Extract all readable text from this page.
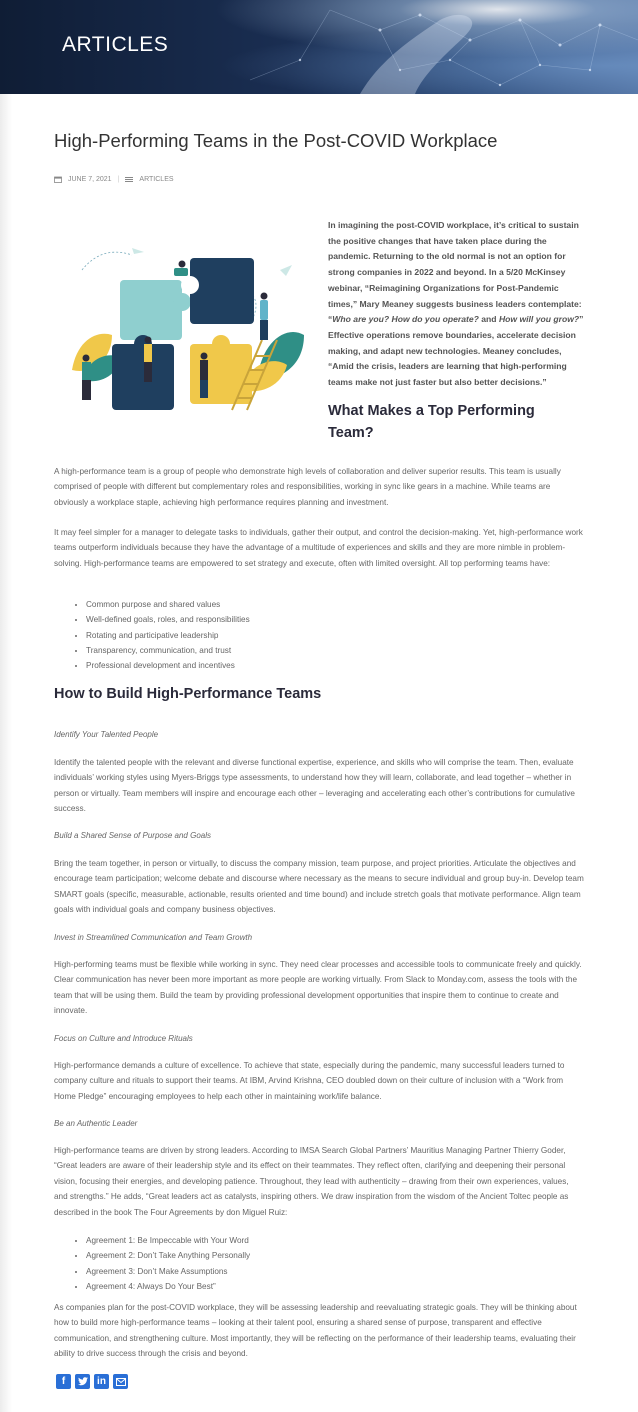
ARTICLES
High-Performing Teams in the Post-COVID Workplace
JUNE 7, 2021 |	ARTICLES

In imagining the post-COVID workplace, it’s critical to sustain the positive changes that have taken place during the pandemic. Returning to the old normal is not an option for strong companies in 2022 and beyond. In a 5/20 McKinsey webinar, “Reimagining Organizations for Post-Pandemic times,” Mary Meaney suggests business leaders contemplate: “Who are you? How do you operate? and How will you grow?” Effective operations remove boundaries, accelerate decision making, and adapt new technologies. Meaney concludes, “Amid the crisis, leaders are learning that high-performing teams make not just faster but also better decisions.”

What Makes a Top Performing Team?

A high-performance team is a group of people who demonstrate high levels of collaboration and deliver superior results. This team is usually comprised of people with different but complementary roles and responsibilities, working in sync like gears in a machine. While teams are obviously a workplace staple, achieving high performance requires planning and investment.

It may feel simpler for a manager to delegate tasks to individuals, gather their output, and control the decision-making. Yet, high-performance work teams outperform individuals because they have the advantage of a multitude of experiences and skills and they are more nimble in problem-solving. High-performance teams are empowered to set strategy and execute, often with limited oversight. All top performing teams have:

• Common purpose and shared values
• Well-defined goals, roles, and responsibilities
• Rotating and participative leadership
• Transparency, communication, and trust
• Professional development and incentives
How to Build High-Performance Teams

Identify Your Talented People

Identify the talented people with the relevant and diverse functional expertise, experience, and skills who will comprise the team. Then, evaluate individuals’ working styles using Myers-Briggs type assessments, to understand how they will learn, collaborate, and lead together – whether in person or virtually. Team members will inspire and encourage each other – leveraging and accelerating each other’s contributions for cumulative success.

Build a Shared Sense of Purpose and Goals

Bring the team together, in person or virtually, to discuss the company mission, team purpose, and project priorities. Articulate the objectives and encourage team participation; welcome debate and discourse where necessary as the means to secure individual and group buy-in. Develop team SMART goals (specific, measurable, actionable, results oriented and time bound) and include stretch goals that motivate performance. Align team goals with individual goals and company business objectives.

Invest in Streamlined Communication and Team Growth

High-performing teams must be flexible while working in sync. They need clear processes and accessible tools to communicate freely and quickly. Clear communication has never been more important as more people are working virtually. From Slack to Monday.com, assess the tools with the team that will be using them. Build the team by providing professional development opportunities that inspire them to continue to create and innovate.

Focus on Culture and Introduce Rituals

High-performance demands a culture of excellence. To achieve that state, especially during the pandemic, many successful leaders turned to company culture and rituals to support their teams. At IBM, Arvind Krishna, CEO doubled down on their culture of inclusion with a “Work from Home Pledge” encouraging employees to help each other in maintaining work/life balance.

Be an Authentic Leader

High-performance teams are driven by strong leaders. According to IMSA Search Global Partners’ Mauritius Managing Partner Thierry Goder, “Great leaders are aware of their leadership style and its effect on their teammates. They reflect often, clarifying and deepening their personal vision, focusing their energies, and developing patience. Throughout, they lead with authenticity – drawing from their own experiences, values, and strengths.” He adds, “Great leaders act as catalysts, inspiring others. We draw inspiration from the wisdom of the Ancient Toltec people as described in the book The Four Agreements by don Miguel Ruiz:

• Agreement 1: Be Impeccable with Your Word
• Agreement 2: Don’t Take Anything Personally
• Agreement 3: Don’t Make Assumptions
• Agreement 4: Always Do Your Best”

As companies plan for the post-COVID workplace, they will be assessing leadership and reevaluating strategic goals. They will be thinking about how to build more high-performance teams – looking at their talent pool, ensuring a shared sense of purpose, transparent and effective communication, and strengthening culture. Most importantly, they will be reflecting on the performance of their leadership teams, evaluating their ability to drive success through the crisis and beyond.

f	in
